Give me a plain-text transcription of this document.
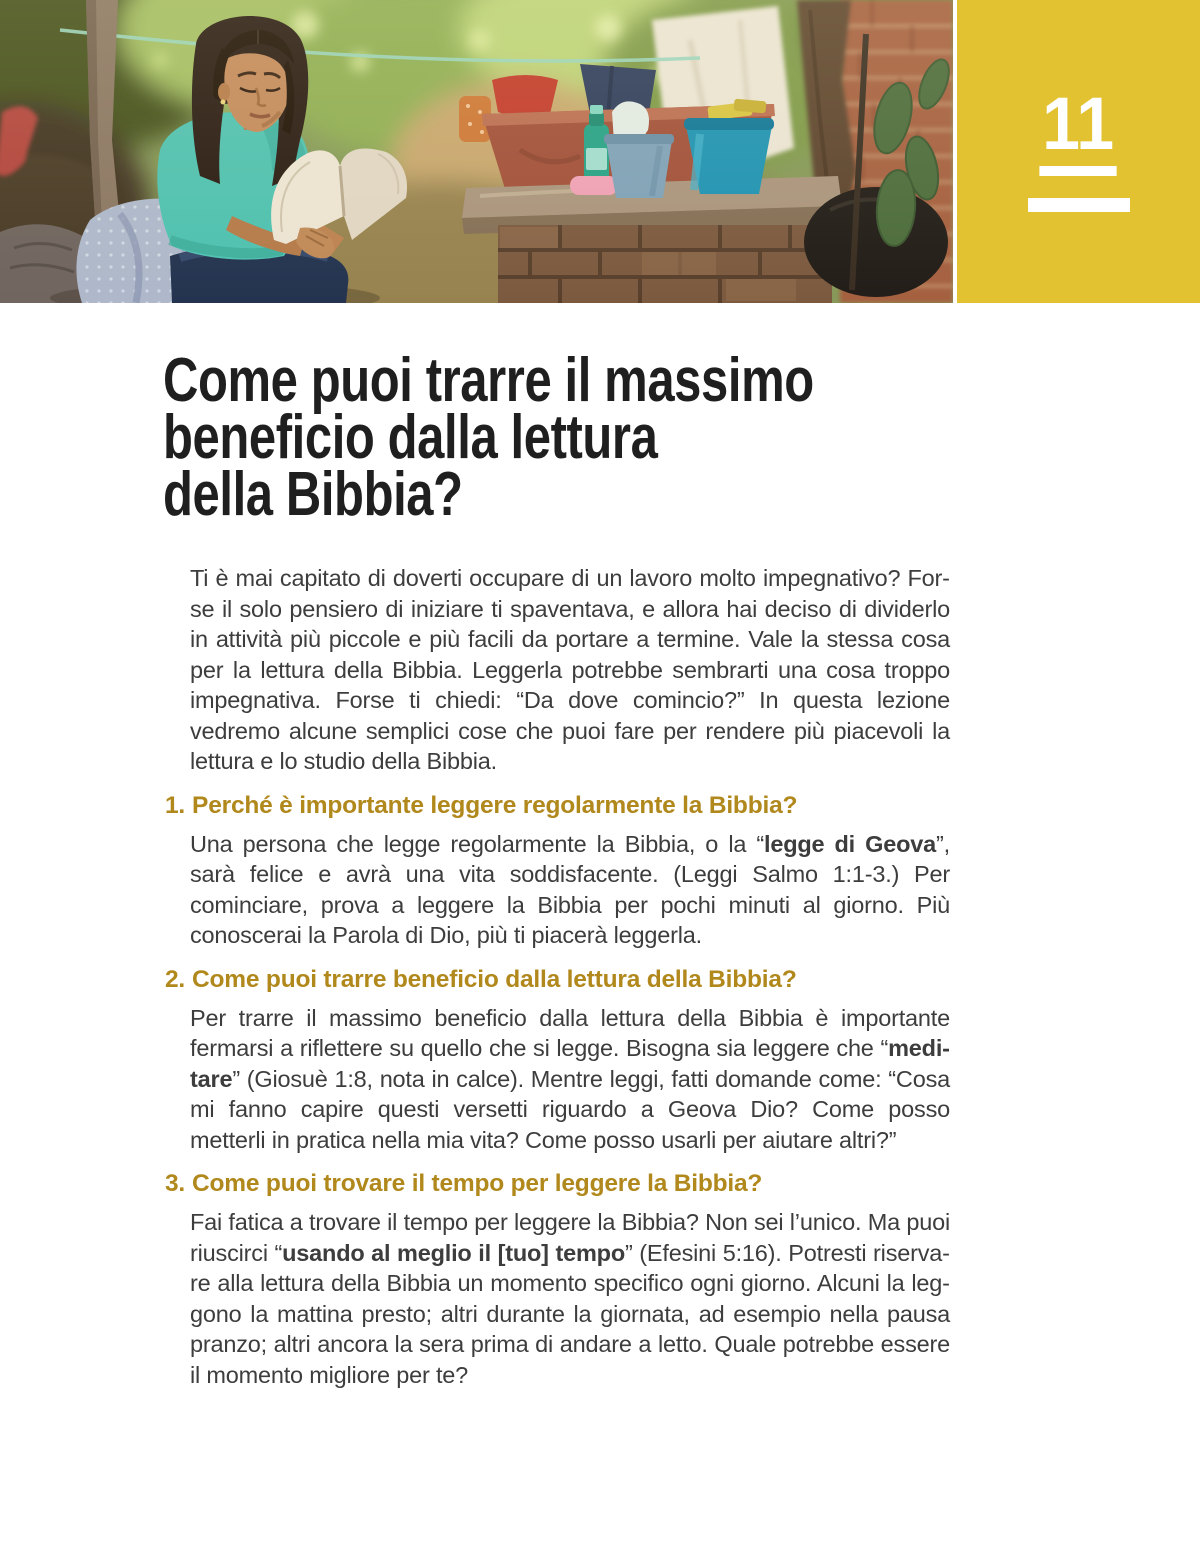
11
Come puoi trarre il massimo
beneficio dalla lettura
della Bibbia?

Ti è mai capitato di doverti occupare di un lavoro molto impegnativo? Forse il solo pensiero di iniziare ti spaventava, e allora hai deciso di dividerlo in attività più piccole e più facili da portare a termine. Vale la stessa cosa per la lettura della Bibbia. Leggerla potrebbe sembrarti una cosa troppo impegnativa. Forse ti chiedi: “Da dove comincio?” In questa lezione vedremo alcune semplici cose che puoi fare per rendere più piacevoli la lettura e lo studio della Bibbia.

1. Perché è importante leggere regolarmente la Bibbia?

Una persona che legge regolarmente la Bibbia, o la “legge di Geova”, sarà felice e avrà una vita soddisfacente. (Leggi Salmo 1:1-3.) Per cominciare, prova a leggere la Bibbia per pochi minuti al giorno. Più conoscerai la Parola di Dio, più ti piacerà leggerla.

2. Come puoi trarre beneficio dalla lettura della Bibbia?

Per trarre il massimo beneficio dalla lettura della Bibbia è importante fermarsi a riflettere su quello che si legge. Bisogna sia leggere che “meditare” (Giosuè 1:8, nota in calce). Mentre leggi, fatti domande come: “Cosa mi fanno capire questi versetti riguardo a Geova Dio? Come posso metterli in pratica nella mia vita? Come posso usarli per aiutare altri?”

3. Come puoi trovare il tempo per leggere la Bibbia?

Fai fatica a trovare il tempo per leggere la Bibbia? Non sei l’unico. Ma puoi riuscirci “usando al meglio il [tuo] tempo” (Efesini 5:16). Potresti riservare alla lettura della Bibbia un momento specifico ogni giorno. Alcuni la leggono la mattina presto; altri durante la giornata, ad esempio nella pausa pranzo; altri ancora la sera prima di andare a letto. Quale potrebbe essere il momento migliore per te?
